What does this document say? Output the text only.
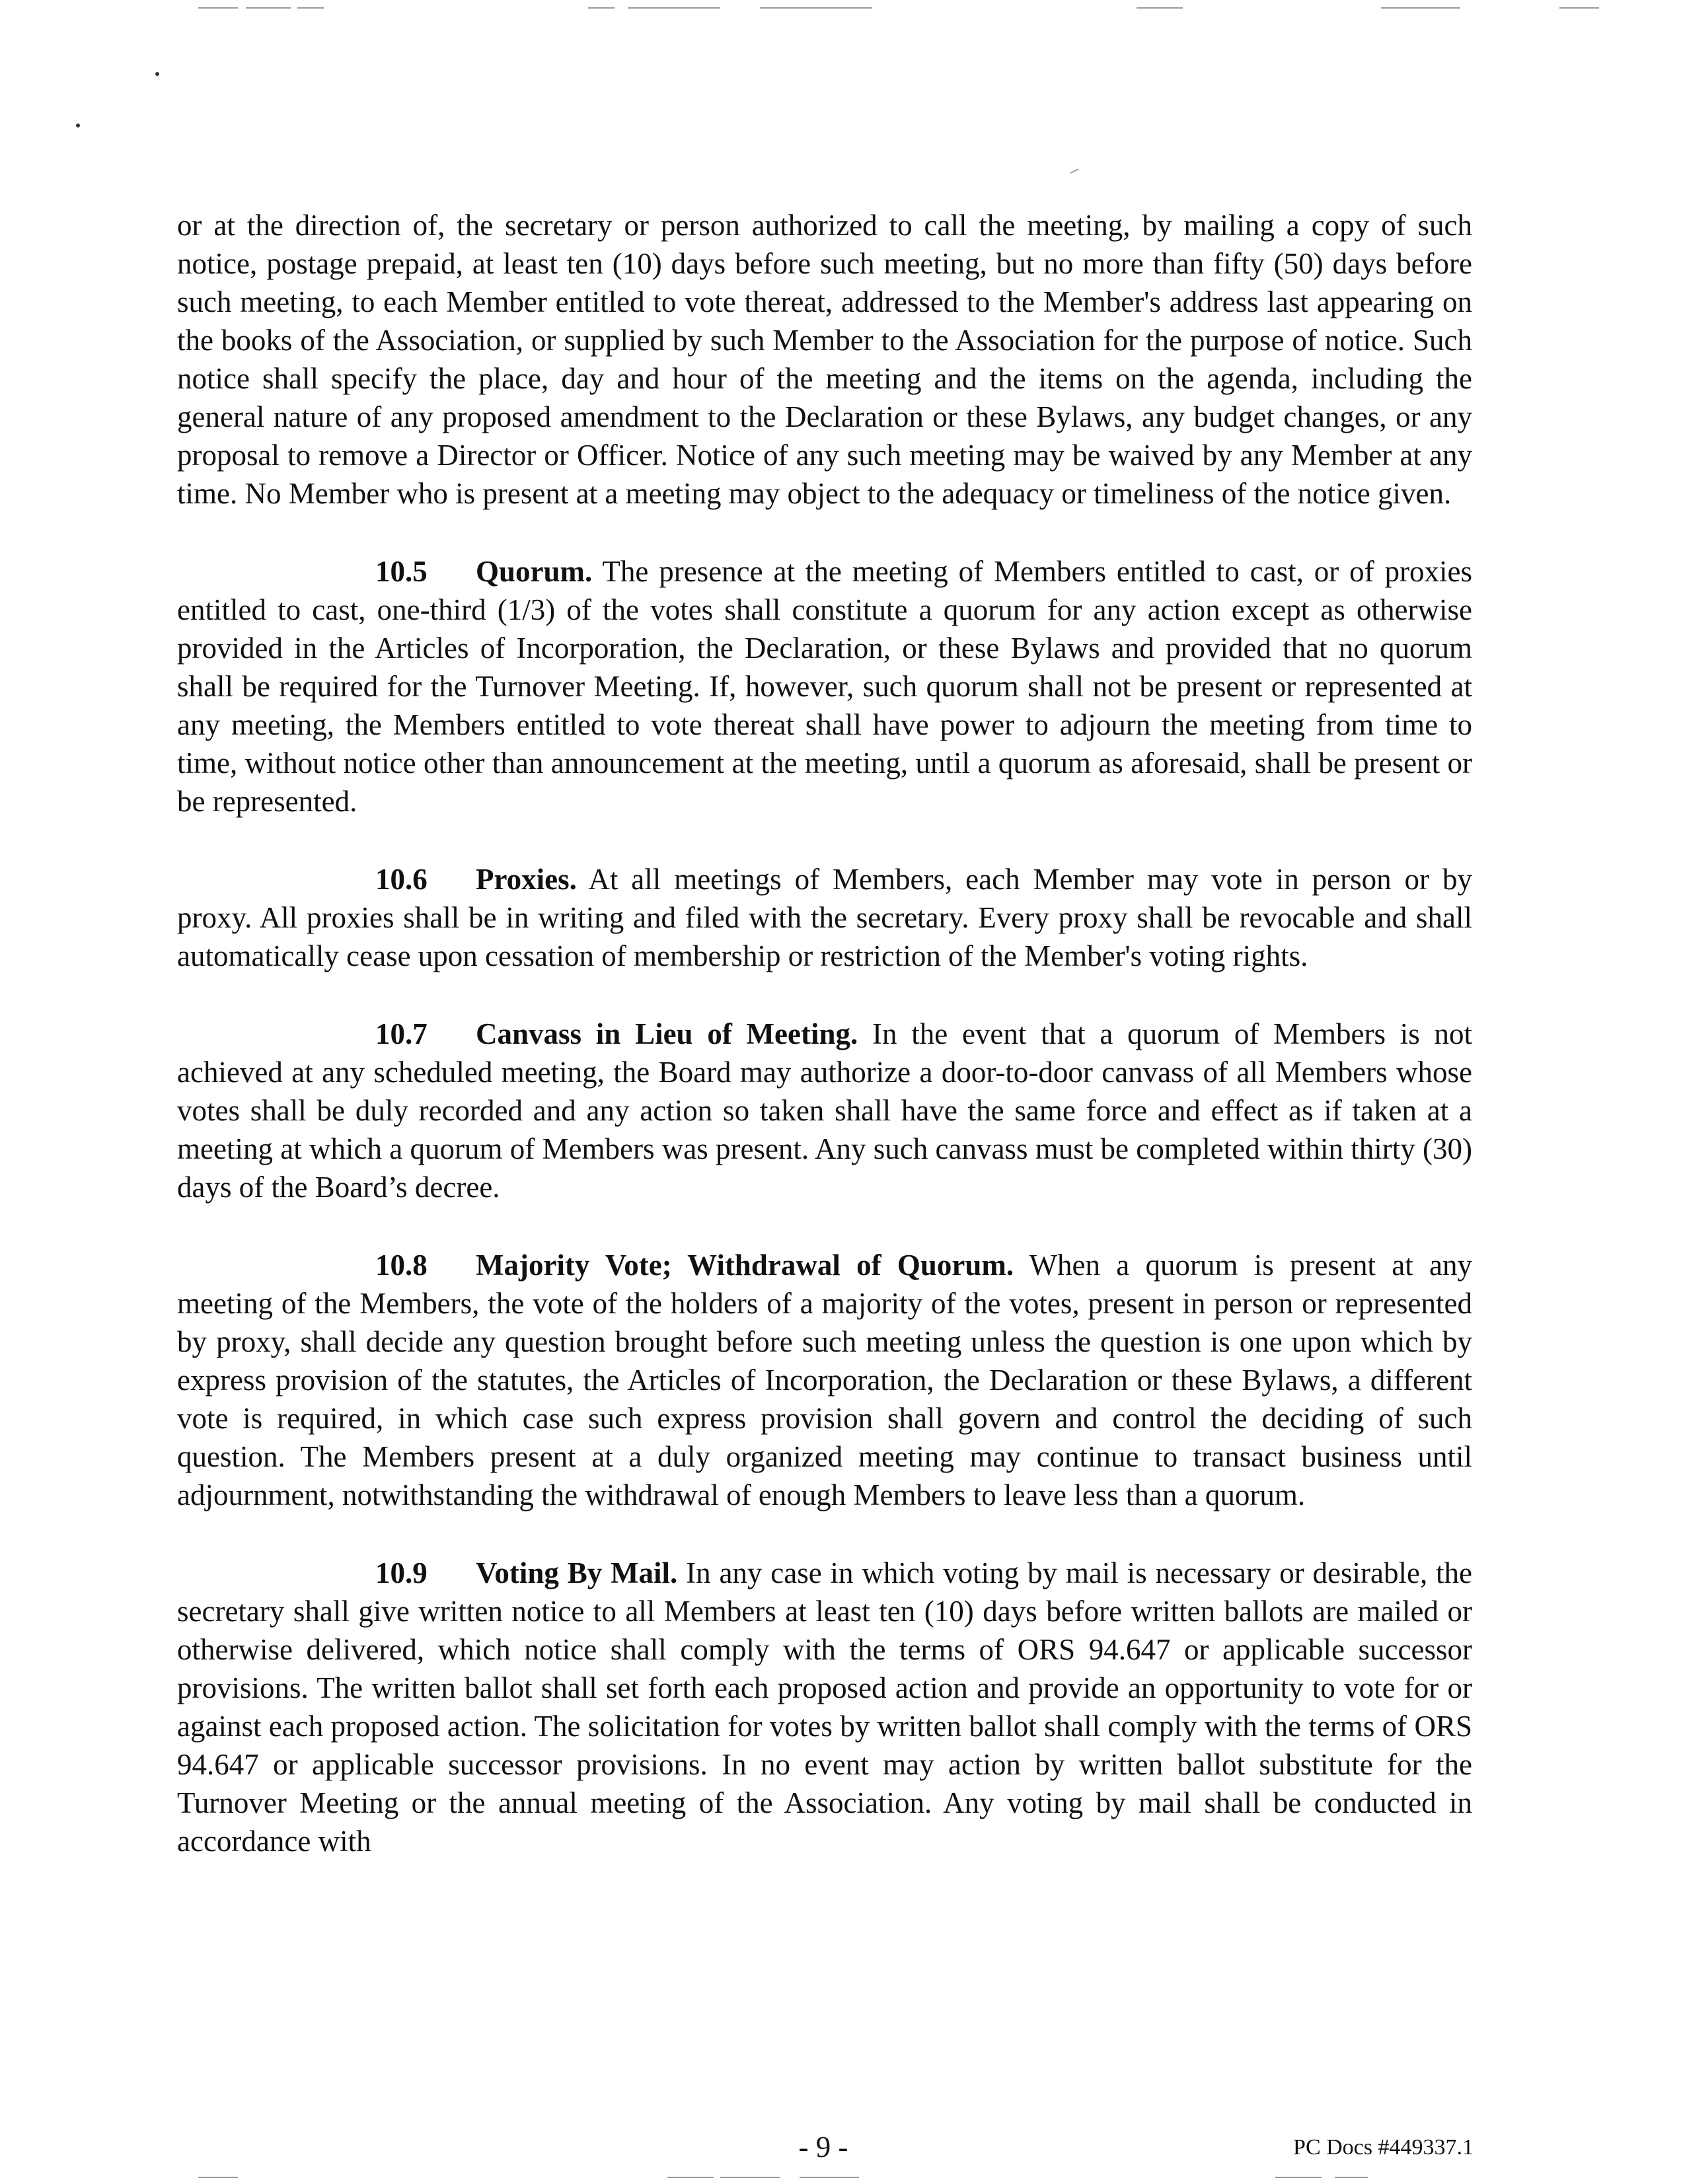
or at the direction of, the secretary or person authorized to call the meeting, by mailing a copy of such notice, postage prepaid, at least ten (10) days before such meeting, but no more than fifty (50) days before such meeting, to each Member entitled to vote thereat, addressed to the Member's address last appearing on the books of the Association, or supplied by such Member to the Association for the purpose of notice. Such notice shall specify the place, day and hour of the meeting and the items on the agenda, including the general nature of any proposed amendment to the Declaration or these Bylaws, any budget changes, or any proposal to remove a Director or Officer. Notice of any such meeting may be waived by any Member at any time. No Member who is present at a meeting may object to the adequacy or timeliness of the notice given.

10.5 Quorum. The presence at the meeting of Members entitled to cast, or of proxies entitled to cast, one-third (1/3) of the votes shall constitute a quorum for any action except as otherwise provided in the Articles of Incorporation, the Declaration, or these Bylaws and provided that no quorum shall be required for the Turnover Meeting. If, however, such quorum shall not be present or represented at any meeting, the Members entitled to vote thereat shall have power to adjourn the meeting from time to time, without notice other than announcement at the meeting, until a quorum as aforesaid, shall be present or be represented.

10.6 Proxies. At all meetings of Members, each Member may vote in person or by proxy. All proxies shall be in writing and filed with the secretary. Every proxy shall be revocable and shall automatically cease upon cessation of membership or restriction of the Member's voting rights.

10.7 Canvass in Lieu of Meeting. In the event that a quorum of Members is not achieved at any scheduled meeting, the Board may authorize a door-to-door canvass of all Members whose votes shall be duly recorded and any action so taken shall have the same force and effect as if taken at a meeting at which a quorum of Members was present. Any such canvass must be completed within thirty (30) days of the Board’s decree.

10.8 Majority Vote; Withdrawal of Quorum. When a quorum is present at any meeting of the Members, the vote of the holders of a majority of the votes, present in person or represented by proxy, shall decide any question brought before such meeting unless the question is one upon which by express provision of the statutes, the Articles of Incorporation, the Declaration or these Bylaws, a different vote is required, in which case such express provision shall govern and control the deciding of such question. The Members present at a duly organized meeting may continue to transact business until adjournment, notwithstanding the withdrawal of enough Members to leave less than a quorum.

10.9 Voting By Mail. In any case in which voting by mail is necessary or desirable, the secretary shall give written notice to all Members at least ten (10) days before written ballots are mailed or otherwise delivered, which notice shall comply with the terms of ORS 94.647 or applicable successor provisions. The written ballot shall set forth each proposed action and provide an opportunity to vote for or against each proposed action. The solicitation for votes by written ballot shall comply with the terms of ORS 94.647 or applicable successor provisions. In no event may action by written ballot substitute for the Turnover Meeting or the annual meeting of the Association. Any voting by mail shall be conducted in accordance with

- 9 -	PC Docs #449337.1
